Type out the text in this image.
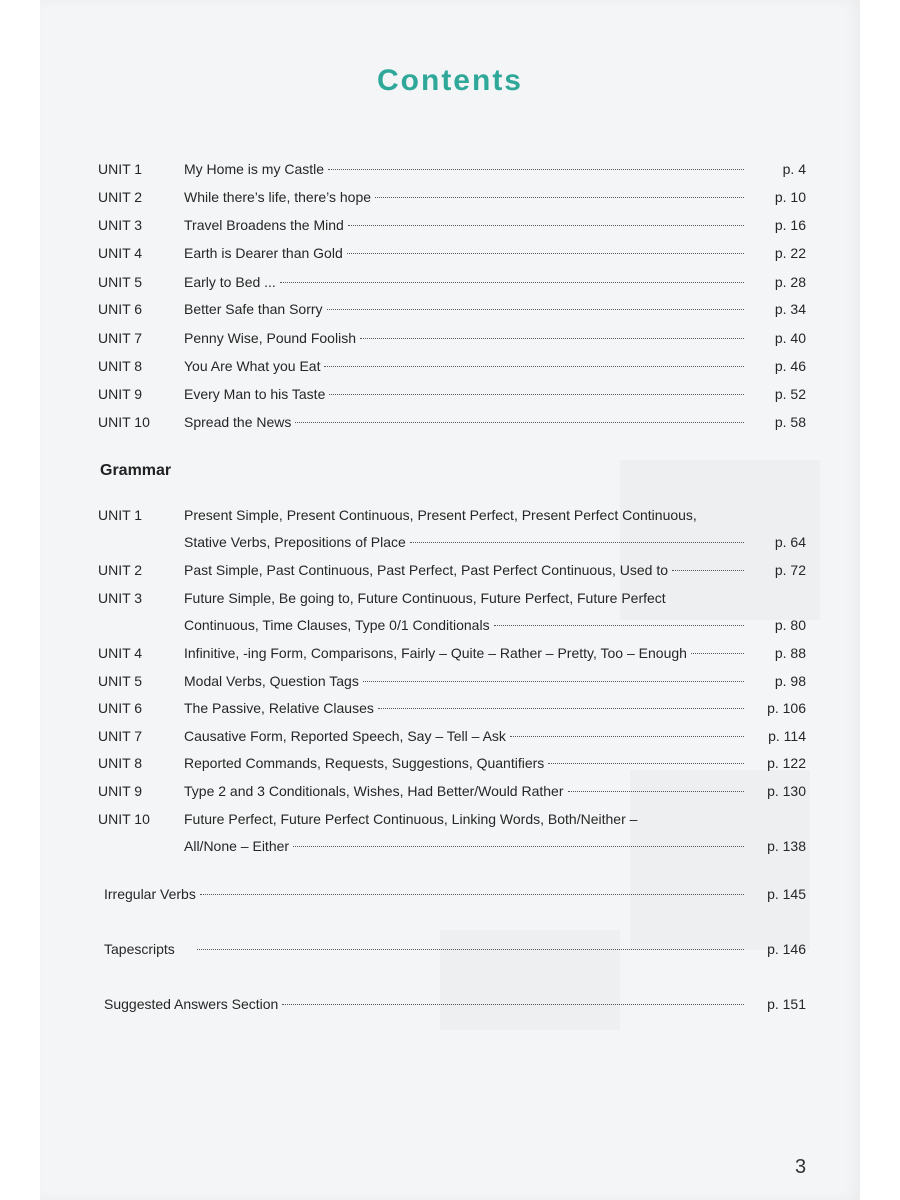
Contents
UNIT 1	My Home is my Castle	p. 4
UNIT 2	While there’s life, there’s hope	p. 10
UNIT 3	Travel Broadens the Mind	p. 16
UNIT 4	Earth is Dearer than Gold	p. 22
UNIT 5	Early to Bed ...	p. 28
UNIT 6	Better Safe than Sorry	p. 34
UNIT 7	Penny Wise, Pound Foolish	p. 40
UNIT 8	You Are What you Eat	p. 46
UNIT 9	Every Man to his Taste	p. 52
UNIT 10	Spread the News	p. 58
Grammar
UNIT 1	Present Simple, Present Continuous, Present Perfect, Present Perfect Continuous,
Stative Verbs, Prepositions of Place	p. 64
UNIT 2	Past Simple, Past Continuous, Past Perfect, Past Perfect Continuous, Used to	p. 72
UNIT 3	Future Simple, Be going to, Future Continuous, Future Perfect, Future Perfect
Continuous, Time Clauses, Type 0/1 Conditionals	p. 80
UNIT 4	Infinitive, -ing Form, Comparisons, Fairly – Quite – Rather – Pretty, Too – Enough	p. 88
UNIT 5	Modal Verbs, Question Tags	p. 98
UNIT 6	The Passive, Relative Clauses	p. 106
UNIT 7	Causative Form, Reported Speech, Say – Tell – Ask	p. 114
UNIT 8	Reported Commands, Requests, Suggestions, Quantifiers	p. 122
UNIT 9	Type 2 and 3 Conditionals, Wishes, Had Better/Would Rather	p. 130
UNIT 10	Future Perfect, Future Perfect Continuous, Linking Words, Both/Neither –
All/None – Either	p. 138
Irregular Verbs	p. 145
Tapescripts	p. 146
Suggested Answers Section	p. 151
3
